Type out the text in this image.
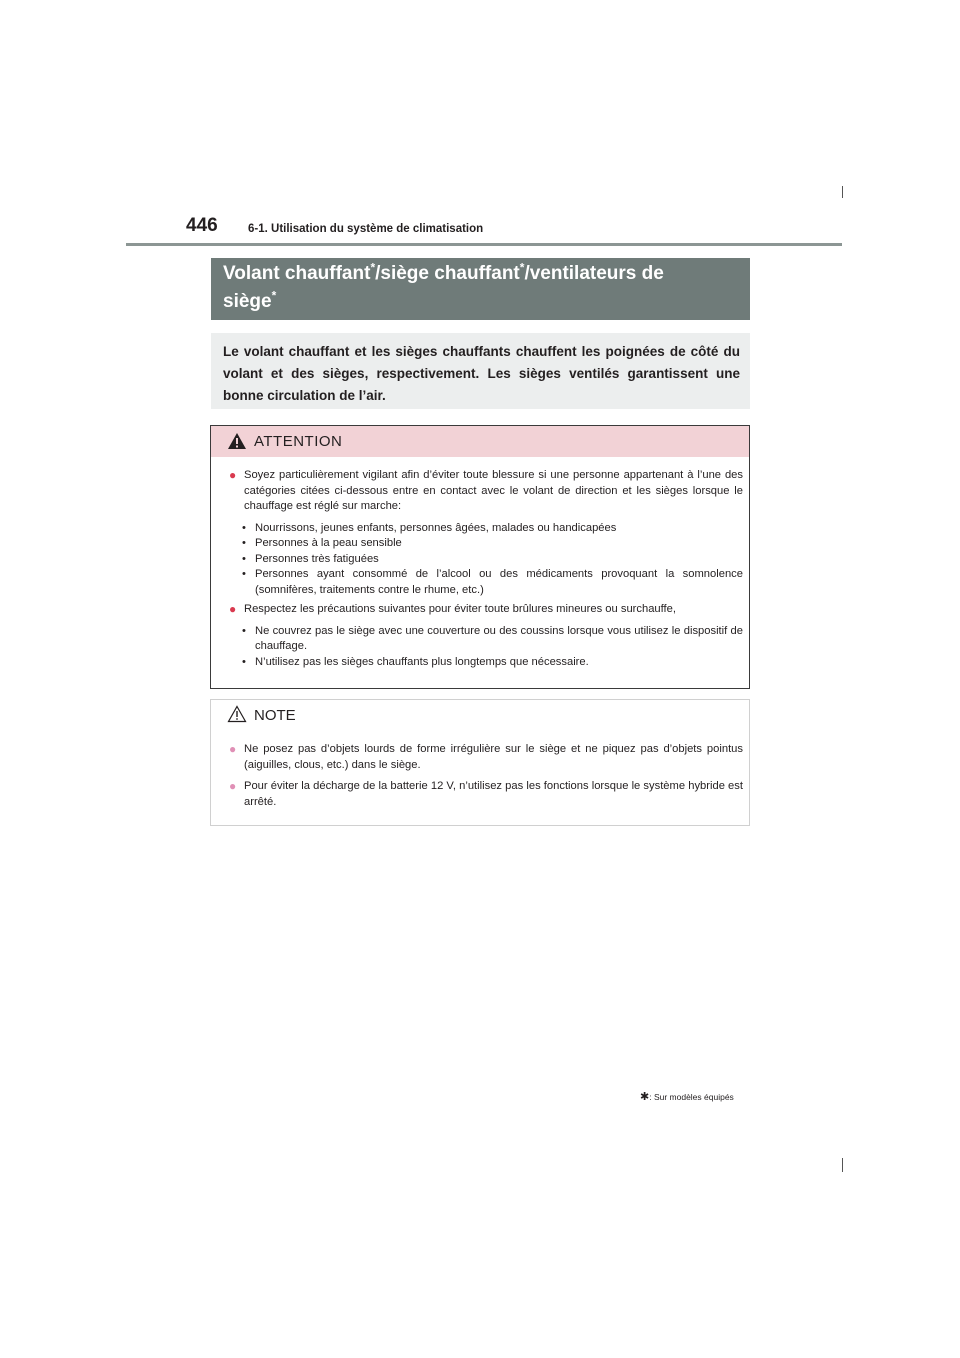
446	6-1. Utilisation du système de climatisation
Volant chauffant*/siège chauffant*/ventilateurs de
siège*
Le volant chauffant et les sièges chauffants chauffent les poignées de côté du volant et des sièges, respectivement. Les sièges ventilés garantissent une bonne circulation de l’air.
ATTENTION
● Soyez particulièrement vigilant afin d’éviter toute blessure si une personne appartenant à l’une des catégories citées ci-dessous entre en contact avec le volant de direction et les sièges lorsque le chauffage est réglé sur marche:
• Nourrissons, jeunes enfants, personnes âgées, malades ou handicapées
• Personnes à la peau sensible
• Personnes très fatiguées
• Personnes ayant consommé de l’alcool ou des médicaments provoquant la somnolence (somnifères, traitements contre le rhume, etc.)
● Respectez les précautions suivantes pour éviter toute brûlures mineures ou surchauffe,
• Ne couvrez pas le siège avec une couverture ou des coussins lorsque vous utilisez le dispositif de chauffage.
• N’utilisez pas les sièges chauffants plus longtemps que nécessaire.
NOTE
● Ne posez pas d’objets lourds de forme irrégulière sur le siège et ne piquez pas d’objets pointus (aiguilles, clous, etc.) dans le siège.
● Pour éviter la décharge de la batterie 12 V, n’utilisez pas les fonctions lorsque le système hybride est arrêté.
✱: Sur modèles équipés
